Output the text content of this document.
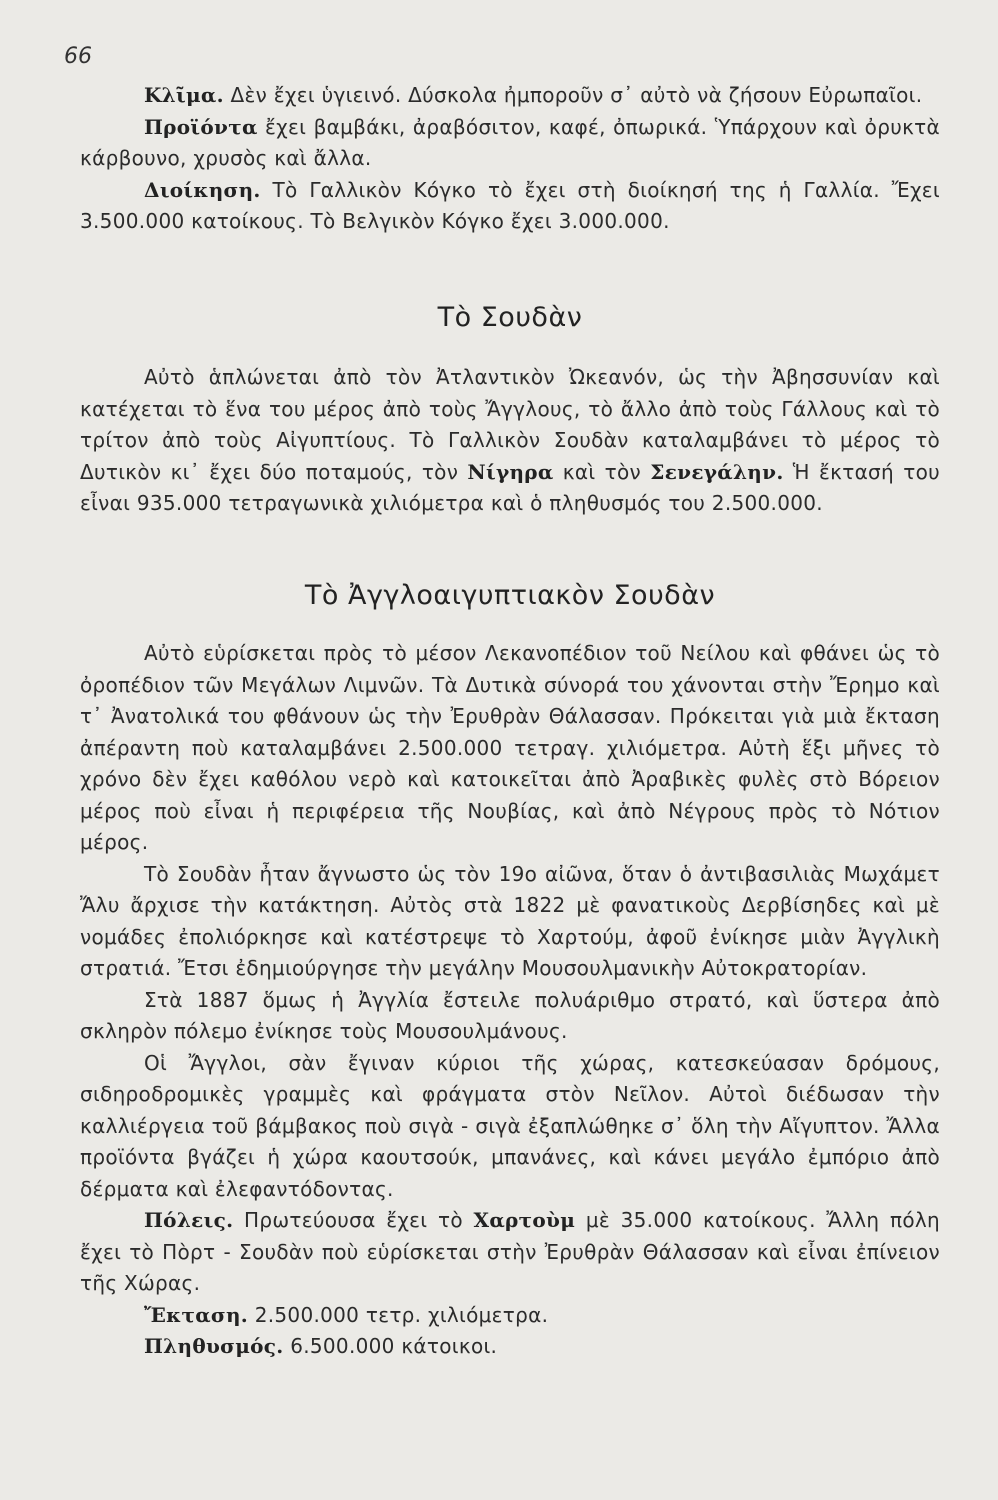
66

Κλῖμα. Δὲν ἔχει ὑγιεινό. Δύσκολα ἠμποροῦν σ᾽ αὐτὸ νὰ ζήσουν Εὐρωπαῖοι.

Προϊόντα ἔχει βαμβάκι, ἀραβόσιτον, καφέ, ὀπωρικά. Ὑπάρχουν καὶ ὀρυκτὰ κάρβουνο, χρυσὸς καὶ ἄλλα.

Διοίκηση. Τὸ Γαλλικὸν Κόγκο τὸ ἔχει στὴ διοίκησή της ἡ Γαλλία. Ἔχει 3.500.000 κατοίκους. Τὸ Βελγικὸν Κόγκο ἔχει 3.000.000.

Τὸ Σουδὰν

Αὐτὸ ἁπλώνεται ἀπὸ τὸν Ἀτλαντικὸν Ὠκεανόν, ὡς τὴν Ἀβησσυνίαν καὶ κατέχεται τὸ ἕνα του μέρος ἀπὸ τοὺς Ἄγγλους, τὸ ἄλλο ἀπὸ τοὺς Γάλλους καὶ τὸ τρίτον ἀπὸ τοὺς Αἰγυπτίους. Τὸ Γαλλικὸν Σουδὰν καταλαμβάνει τὸ μέρος τὸ Δυτικὸν κι᾽ ἔχει δύο ποταμούς, τὸν Νίγηρα καὶ τὸν Σενεγάλην. Ἡ ἔκτασή του εἶναι 935.000 τετραγωνικὰ χιλιόμετρα καὶ ὁ πληθυσμός του 2.500.000.

Τὸ Ἀγγλοαιγυπτιακὸν Σουδὰν

Αὐτὸ εὑρίσκεται πρὸς τὸ μέσον Λεκανοπέδιον τοῦ Νείλου καὶ φθάνει ὡς τὸ ὀροπέδιον τῶν Μεγάλων Λιμνῶν. Τὰ Δυτικὰ σύνορά του χάνονται στὴν Ἔρημο καὶ τ᾽ Ἀνατολικά του φθάνουν ὡς τὴν Ἐρυθρὰν Θάλασσαν. Πρόκειται γιὰ μιὰ ἔκταση ἀπέραντη ποὺ καταλαμβάνει 2.500.000 τετραγ. χιλιόμετρα. Αὐτὴ ἕξι μῆνες τὸ χρόνο δὲν ἔχει καθόλου νερὸ καὶ κατοικεῖται ἀπὸ Ἀραβικὲς φυλὲς στὸ Βόρειον μέρος ποὺ εἶναι ἡ περιφέρεια τῆς Νουβίας, καὶ ἀπὸ Νέγρους πρὸς τὸ Νότιον μέρος.

Τὸ Σουδὰν ἦταν ἄγνωστο ὡς τὸν 19ο αἰῶνα, ὅταν ὁ ἀντιβασιλιὰς Μωχάμετ Ἄλυ ἄρχισε τὴν κατάκτηση. Αὐτὸς στὰ 1822 μὲ φανατικοὺς Δερβίσηδες καὶ μὲ νομάδες ἐπολιόρκησε καὶ κατέστρεψε τὸ Χαρτούμ, ἀφοῦ ἐνίκησε μιὰν Ἀγγλικὴ στρατιά. Ἔτσι ἐδημιούργησε τὴν μεγάλην Μουσουλμανικὴν Αὐτοκρατορίαν.

Στὰ 1887 ὅμως ἡ Ἀγγλία ἔστειλε πολυάριθμο στρατό, καὶ ὕστερα ἀπὸ σκληρὸν πόλεμο ἐνίκησε τοὺς Μουσουλμάνους.

Οἱ Ἄγγλοι, σὰν ἔγιναν κύριοι τῆς χώρας, κατεσκεύασαν δρόμους, σιδηροδρομικὲς γραμμὲς καὶ φράγματα στὸν Νεῖλον. Αὐτοὶ διέδωσαν τὴν καλλιέργεια τοῦ βάμβακος ποὺ σιγὰ - σιγὰ ἐξαπλώθηκε σ᾽ ὅλη τὴν Αἴγυπτον. Ἄλλα προϊόντα βγάζει ἡ χώρα καουτσούκ, μπανάνες, καὶ κάνει μεγάλο ἐμπόριο ἀπὸ δέρματα καὶ ἐλεφαντόδοντας.

Πόλεις. Πρωτεύουσα ἔχει τὸ Χαρτοὺμ μὲ 35.000 κατοίκους. Ἄλλη πόλη ἔχει τὸ Πὸρτ - Σουδὰν ποὺ εὑρίσκεται στὴν Ἐρυθρὰν Θάλασσαν καὶ εἶναι ἐπίνειον τῆς Χώρας.

Ἔκταση. 2.500.000 τετρ. χιλιόμετρα.

Πληθυσμός. 6.500.000 κάτοικοι.
